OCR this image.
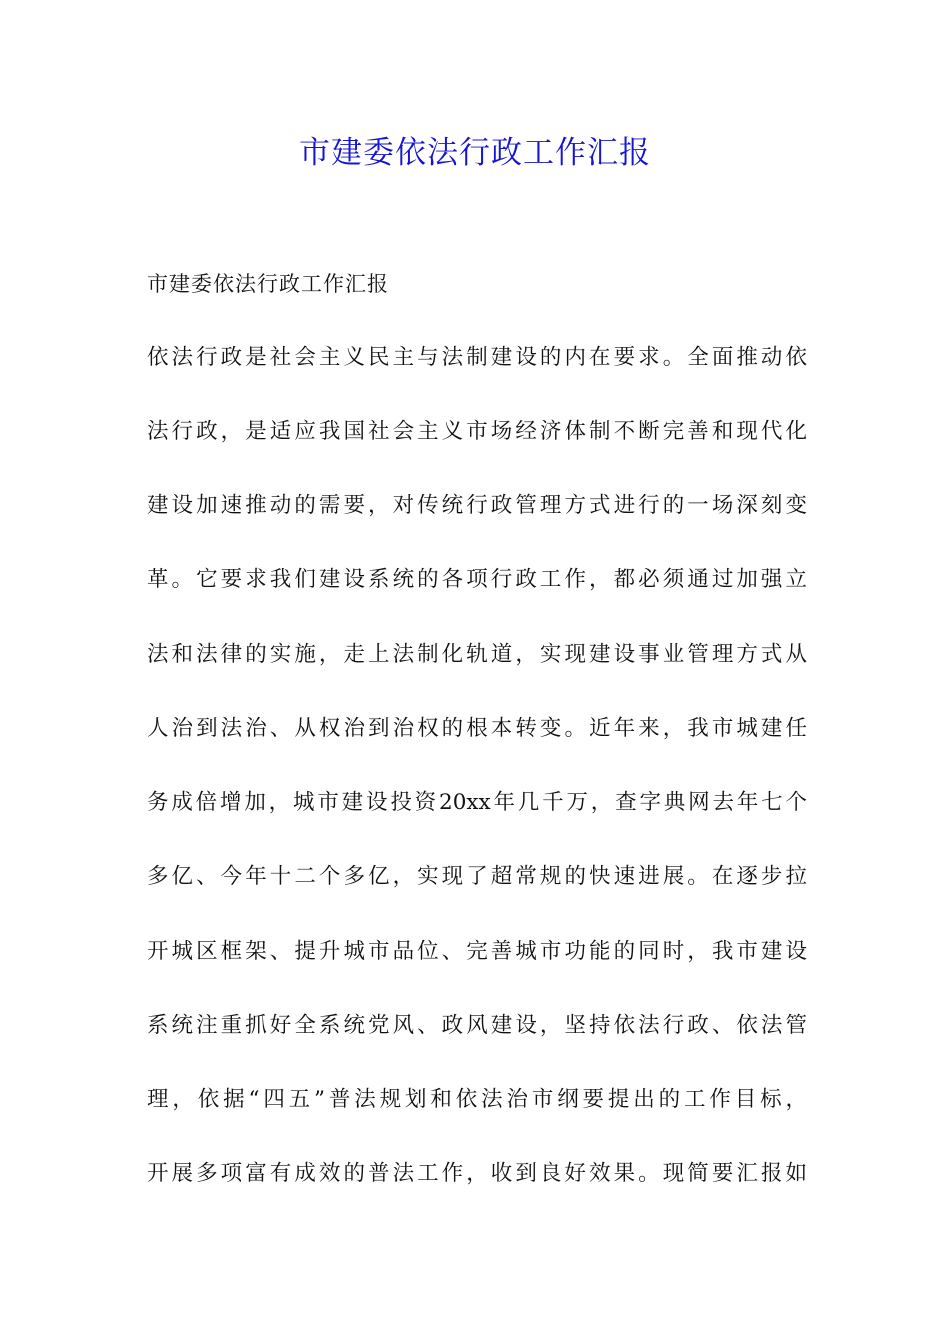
市建委依法行政工作汇报
市建委依法行政工作汇报
依法行政是社会主义民主与法制建设的内在要求。全面推动依
法行政，是适应我国社会主义市场经济体制不断完善和现代化
建设加速推动的需要，对传统行政管理方式进行的一场深刻变
革。它要求我们建设系统的各项行政工作，都必须通过加强立
法和法律的实施，走上法制化轨道，实现建设事业管理方式从
人治到法治、从权治到治权的根本转变。近年来，我市城建任
务成倍增加，城市建设投资20xx年几千万，查字典网去年七个
多亿、今年十二个多亿，实现了超常规的快速进展。在逐步拉
开城区框架、提升城市品位、完善城市功能的同时，我市建设
系统注重抓好全系统党风、政风建设，坚持依法行政、依法管
理，依据“四五”普法规划和依法治市纲要提出的工作目标，
开展多项富有成效的普法工作，收到良好效果。现简要汇报如
